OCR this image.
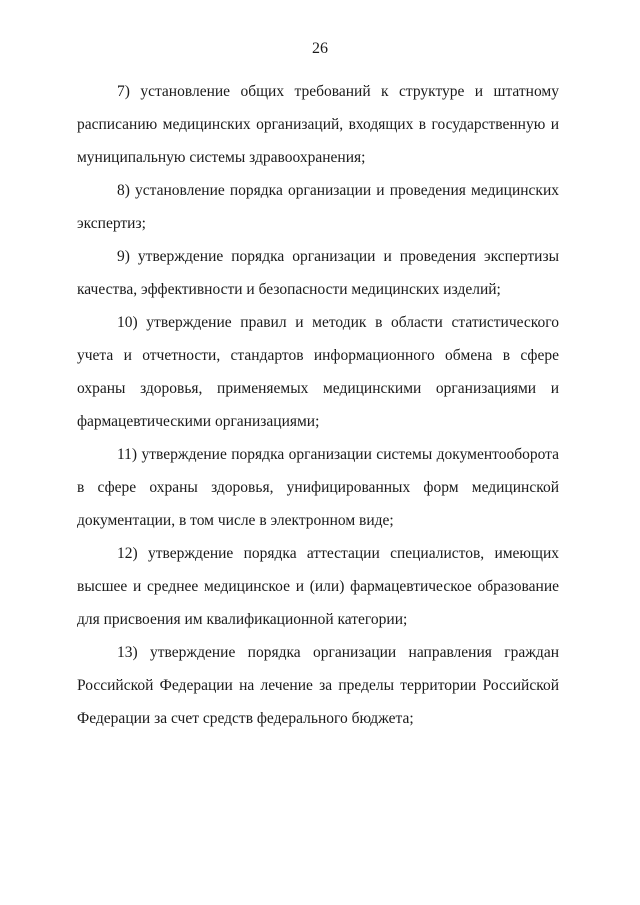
26

7) установление общих требований к структуре и штатному расписанию медицинских организаций, входящих в государственную и муниципальную системы здравоохранения;

8) установление порядка организации и проведения медицинских экспертиз;

9) утверждение порядка организации и проведения экспертизы качества, эффективности и безопасности медицинских изделий;

10) утверждение правил и методик в области статистического учета и отчетности, стандартов информационного обмена в сфере охраны здоровья, применяемых медицинскими организациями и фармацевтическими организациями;

11) утверждение порядка организации системы документооборота в сфере охраны здоровья, унифицированных форм медицинской документации, в том числе в электронном виде;

12) утверждение порядка аттестации специалистов, имеющих высшее и среднее медицинское и (или) фармацевтическое образование для присвоения им квалификационной категории;

13) утверждение порядка организации направления граждан Российской Федерации на лечение за пределы территории Российской Федерации за счет средств федерального бюджета;
